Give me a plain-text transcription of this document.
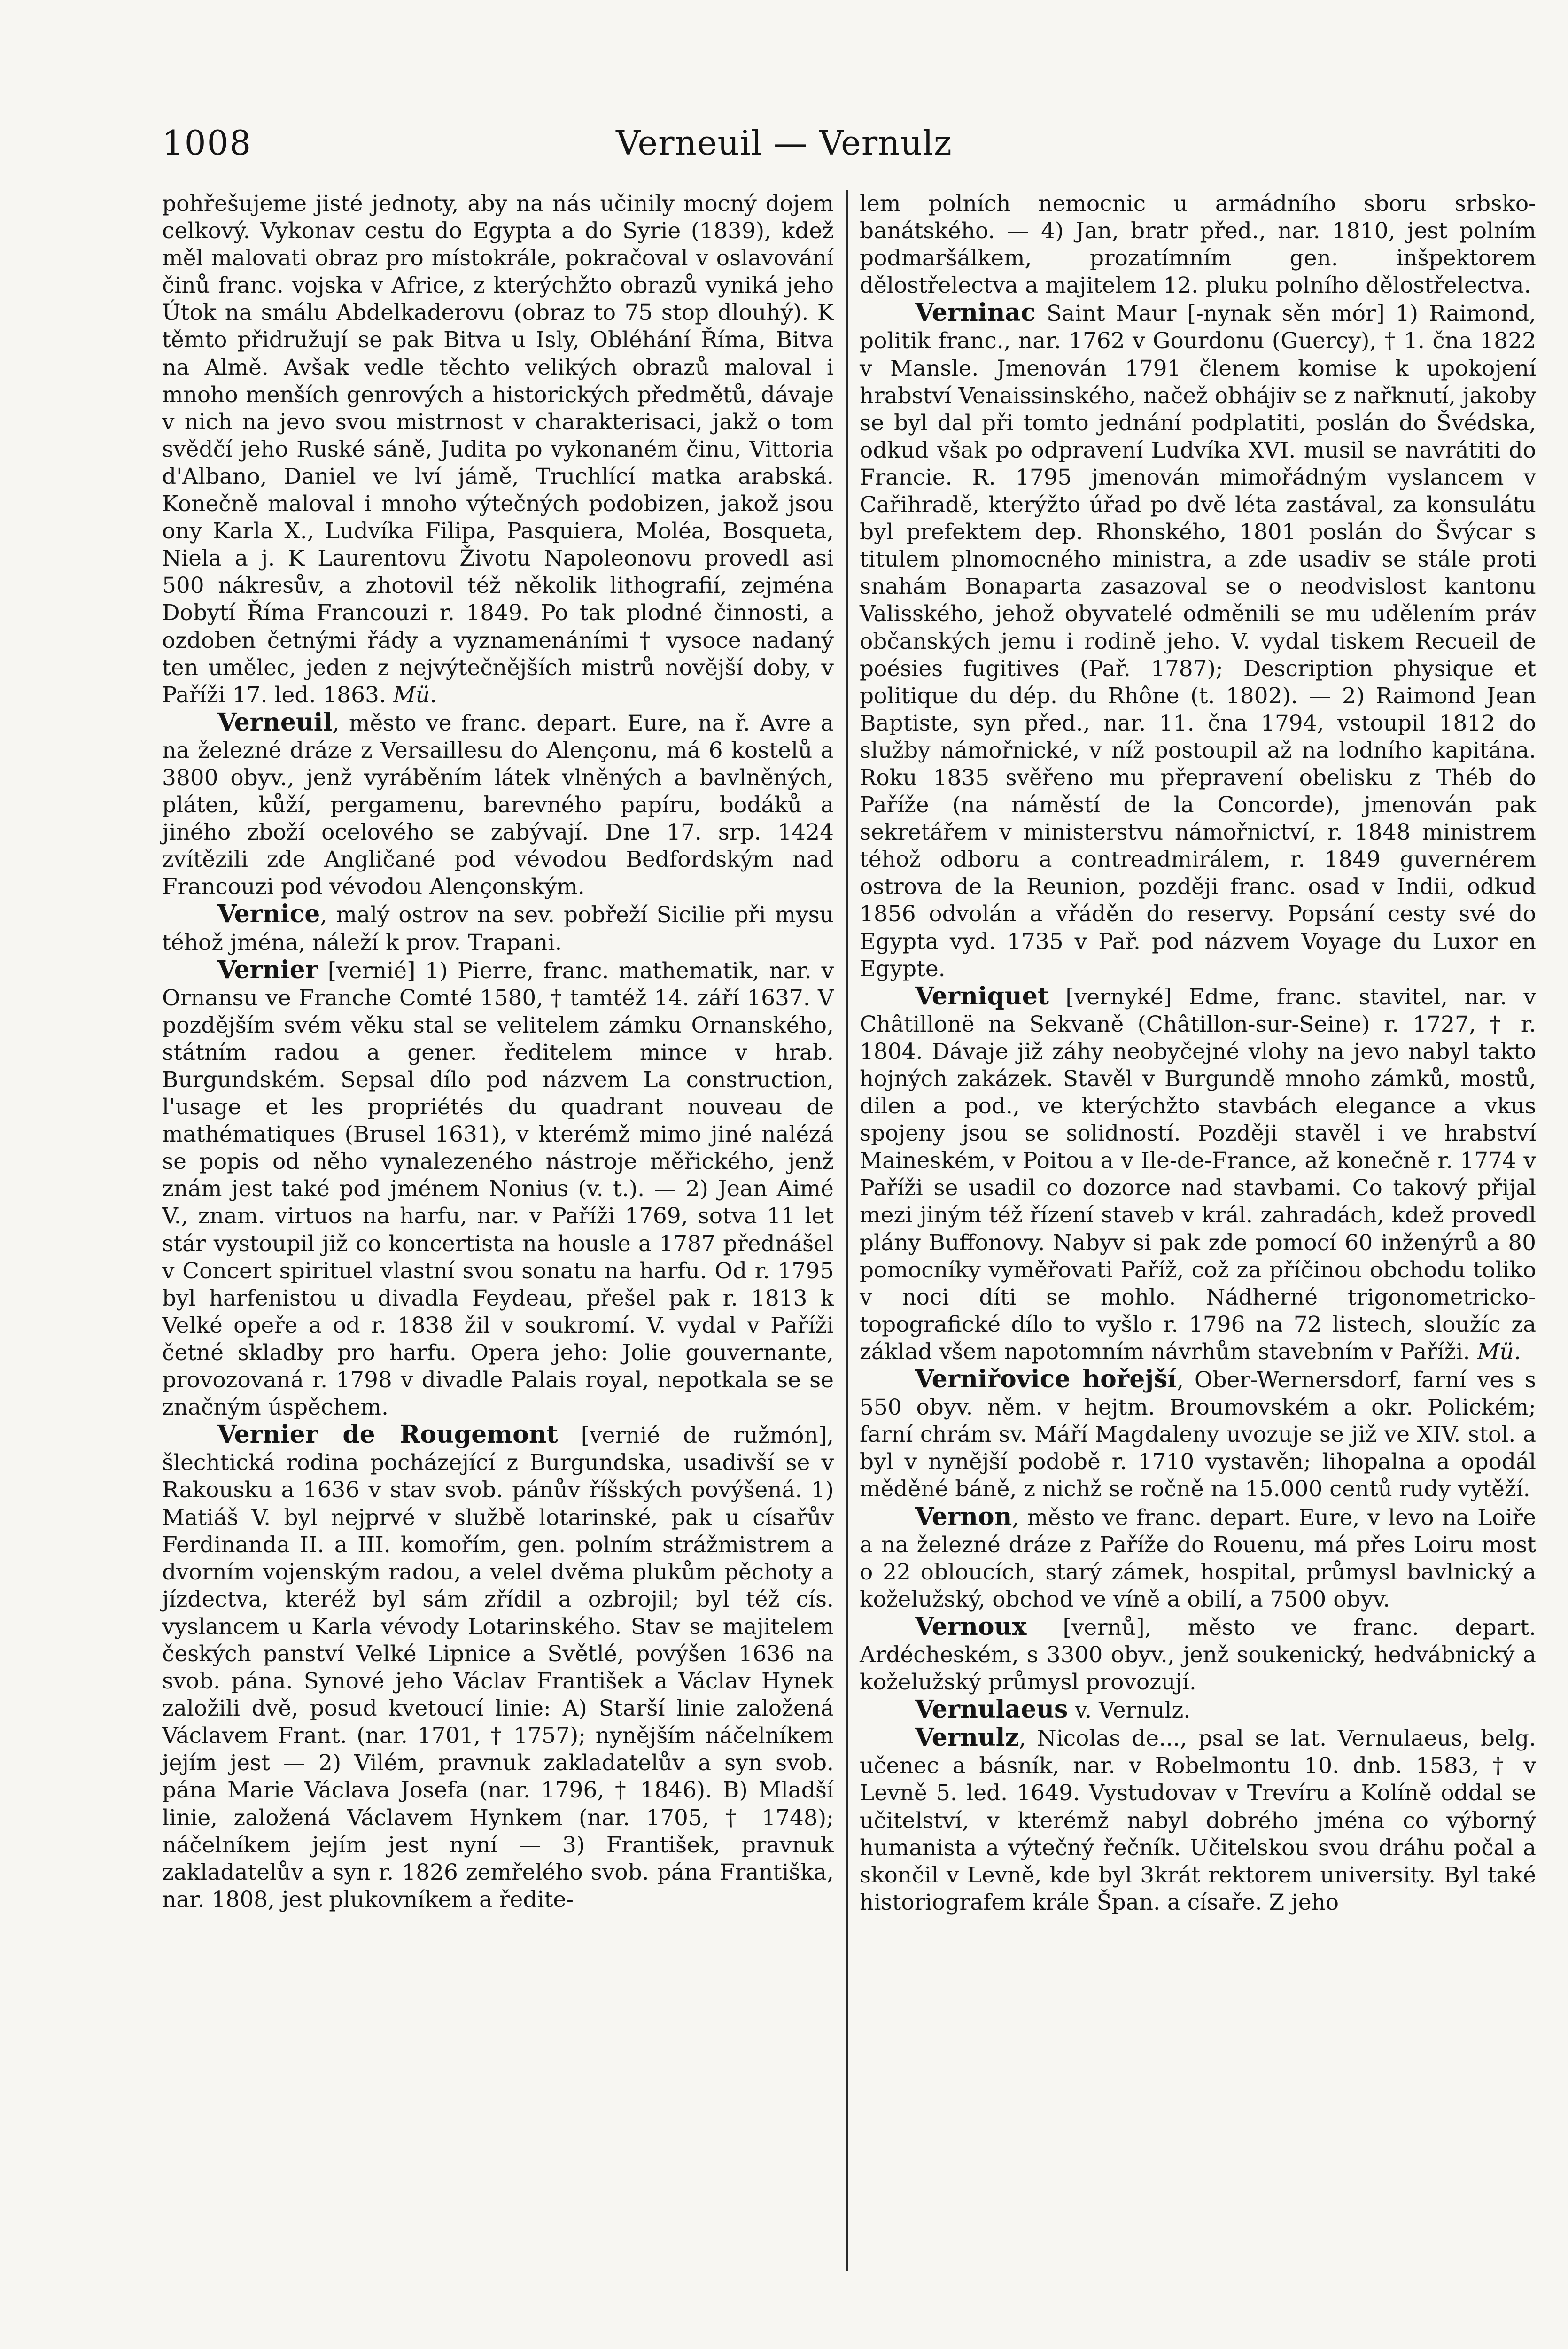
1008	Verneuil — Vernulz

pohřešujeme jisté jednoty, aby na nás učinily mocný dojem celkový. Vykonav cestu do Egypta a do Syrie (1839), kdež měl malovati obraz pro místokrále, pokračoval v oslavování činů franc. vojska v Africe, z kterýchžto obrazů vyniká jeho Útok na smálu Abdelkaderovu (obraz to 75 stop dlouhý). K těmto přidružují se pak Bitva u Isly, Obléhání Říma, Bitva na Almě. Avšak vedle těchto velikých obrazů maloval i mnoho menších genrových a historických předmětů, dávaje v nich na jevo svou mistrnost v charakterisaci, jakž o tom svědčí jeho Ruské sáně, Judita po vykonaném činu, Vittoria d'Albano, Daniel ve lví jámě, Truchlící matka arabská. Konečně maloval i mnoho výtečných podobizen, jakož jsou ony Karla X., Ludvíka Filipa, Pasquiera, Moléa, Bosqueta, Niela a j. K Laurentovu Životu Napoleonovu provedl asi 500 nákresův, a zhotovil též několik lithografií, zejména Dobytí Říma Francouzi r. 1849. Po tak plodné činnosti, a ozdoben četnými řády a vyznamenáními † vysoce nadaný ten umělec, jeden z nejvýtečnějších mistrů novější doby, v Paříži 17. led. 1863. Mü.

Verneuil, město ve franc. depart. Eure, na ř. Avre a na železné dráze z Versaillesu do Alençonu, má 6 kostelů a 3800 obyv., jenž vyráběním látek vlněných a bavlněných, pláten, kůží, pergamenu, barevného papíru, bodáků a jiného zboží ocelového se zabývají. Dne 17. srp. 1424 zvítězili zde Angličané pod vévodou Bedfordským nad Francouzi pod vévodou Alençonským.

Vernice, malý ostrov na sev. pobřeží Sicilie při mysu téhož jména, náleží k prov. Trapani.

Vernier [vernié] 1) Pierre, franc. mathematik, nar. v Ornansu ve Franche Comté 1580, † tamtéž 14. září 1637. V pozdějším svém věku stal se velitelem zámku Ornanského, státním radou a gener. ředitelem mince v hrab. Burgundském. Sepsal dílo pod názvem La construction, l'usage et les propriétés du quadrant nouveau de mathématiques (Brusel 1631), v kterémž mimo jiné nalézá se popis od něho vynalezeného nástroje měřického, jenž znám jest také pod jménem Nonius (v. t.). — 2) Jean Aimé V., znam. virtuos na harfu, nar. v Paříži 1769, sotva 11 let stár vystoupil již co koncertista na housle a 1787 přednášel v Concert spirituel vlastní svou sonatu na harfu. Od r. 1795 byl harfenistou u divadla Feydeau, přešel pak r. 1813 k Velké opeře a od r. 1838 žil v soukromí. V. vydal v Paříži četné skladby pro harfu. Opera jeho: Jolie gouvernante, provozovaná r. 1798 v divadle Palais royal, nepotkala se se značným úspěchem.

Vernier de Rougemont [vernié de ružmón], šlechtická rodina pocházející z Burgundska, usadivší se v Rakousku a 1636 v stav svob. pánův říšských povýšená. 1) Matiáš V. byl nejprvé v službě lotarinské, pak u císařův Ferdinanda II. a III. komořím, gen. polním strážmistrem a dvorním vojenským radou, a velel dvěma plukům pěchoty a jízdectva, kteréž byl sám zřídil a ozbrojil; byl též cís. vyslancem u Karla vévody Lotarinského. Stav se majitelem českých panství Velké Lipnice a Světlé, povýšen 1636 na svob. pána. Synové jeho Václav František a Václav Hynek založili dvě, posud kvetoucí linie: A) Starší linie založená Václavem Frant. (nar. 1701, † 1757); nynějším náčelníkem jejím jest — 2) Vilém, pravnuk zakladatelův a syn svob. pána Marie Václava Josefa (nar. 1796, † 1846). B) Mladší linie, založená Václavem Hynkem (nar. 1705, † 1748); náčelníkem jejím jest nyní — 3) František, pravnuk zakladatelův a syn r. 1826 zemřelého svob. pána Františka, nar. 1808, jest plukovníkem a ředite-

lem polních nemocnic u armádního sboru srbsko-banátského. — 4) Jan, bratr před., nar. 1810, jest polním podmaršálkem, prozatímním gen. inšpektorem dělostřelectva a majitelem 12. pluku polního dělostřelectva.

Verninac Saint Maur [-nynak sěn mór] 1) Raimond, politik franc., nar. 1762 v Gourdonu (Guercy), † 1. čna 1822 v Mansle. Jmenován 1791 členem komise k upokojení hrabství Venaissinského, načež obhájiv se z nařknutí, jakoby se byl dal při tomto jednání podplatiti, poslán do Švédska, odkud však po odpravení Ludvíka XVI. musil se navrátiti do Francie. R. 1795 jmenován mimořádným vyslancem v Cařihradě, kterýžto úřad po dvě léta zastával, za konsulátu byl prefektem dep. Rhonského, 1801 poslán do Švýcar s titulem plnomocného ministra, a zde usadiv se stále proti snahám Bonaparta zasazoval se o neodvislost kantonu Valisského, jehož obyvatelé odměnili se mu udělením práv občanských jemu i rodině jeho. V. vydal tiskem Recueil de poésies fugitives (Pař. 1787); Description physique et politique du dép. du Rhône (t. 1802). — 2) Raimond Jean Baptiste, syn před., nar. 11. čna 1794, vstoupil 1812 do služby námořnické, v níž postoupil až na lodního kapitána. Roku 1835 svěřeno mu přepravení obelisku z Théb do Paříže (na náměstí de la Concorde), jmenován pak sekretářem v ministerstvu námořnictví, r. 1848 ministrem téhož odboru a contreadmirálem, r. 1849 guvernérem ostrova de la Reunion, později franc. osad v Indii, odkud 1856 odvolán a vřáděn do reservy. Popsání cesty své do Egypta vyd. 1735 v Pař. pod názvem Voyage du Luxor en Egypte.

Verniquet [vernyké] Edme, franc. stavitel, nar. v Châtillonë na Sekvaně (Châtillon-sur-Seine) r. 1727, † r. 1804. Dávaje již záhy neobyčejné vlohy na jevo nabyl takto hojných zakázek. Stavěl v Burgundě mnoho zámků, mostů, dilen a pod., ve kterýchžto stavbách elegance a vkus spojeny jsou se solidností. Později stavěl i ve hrabství Maineském, v Poitou a v Ile-de-France, až konečně r. 1774 v Paříži se usadil co dozorce nad stavbami. Co takový přijal mezi jiným též řízení staveb v král. zahradách, kdež provedl plány Buffonovy. Nabyv si pak zde pomocí 60 inženýrů a 80 pomocníky vyměřovati Paříž, což za příčinou obchodu toliko v noci díti se mohlo. Nádherné trigonometricko-topografické dílo to vyšlo r. 1796 na 72 listech, sloužíc za základ všem napotomním návrhům stavebním v Paříži. Mü.

Verniřovice hořejší, Ober-Wernersdorf, farní ves s 550 obyv. něm. v hejtm. Broumovském a okr. Polickém; farní chrám sv. Máří Magdaleny uvozuje se již ve XIV. stol. a byl v nynější podobě r. 1710 vystavěn; lihopalna a opodál měděné báně, z nichž se ročně na 15.000 centů rudy vytěží.

Vernon, město ve franc. depart. Eure, v levo na Loiře a na železné dráze z Paříže do Rouenu, má přes Loiru most o 22 obloucích, starý zámek, hospital, průmysl bavlnický a koželužský, obchod ve víně a obilí, a 7500 obyv.

Vernoux [vernů], město ve franc. depart. Ardécheském, s 3300 obyv., jenž soukenický, hedvábnický a koželužský průmysl provozují.

Vernulaeus v. Vernulz.

Vernulz, Nicolas de..., psal se lat. Vernulaeus, belg. učenec a básník, nar. v Robelmontu 10. dnb. 1583, † v Levně 5. led. 1649. Vystudovav v Trevíru a Kolíně oddal se učitelství, v kterémž nabyl dobrého jména co výborný humanista a výtečný řečník. Učitelskou svou dráhu počal a skončil v Levně, kde byl 3krát rektorem university. Byl také historiografem krále Špan. a císaře. Z jeho
